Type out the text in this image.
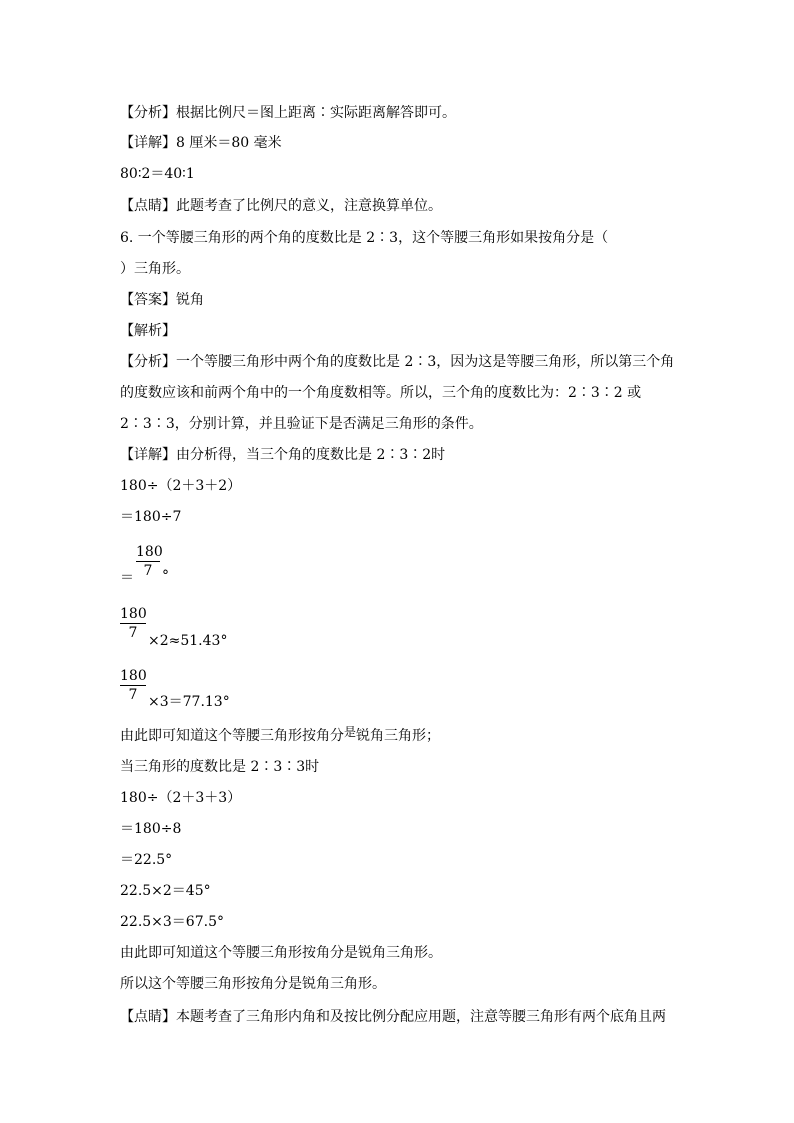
【分析】根据比例尺＝图上距离∶实际距离解答即可。
【详解】8 厘米＝80 毫米
80∶2＝40∶1
【点睛】此题考查了比例尺的意义，注意换算单位。
6. 一个等腰三角形的两个角的度数比是 2∶3，这个等腰三角形如果按角分是（
）三角形。
【答案】锐角
【解析】
【分析】一个等腰三角形中两个角的度数比是 2∶3，因为这是等腰三角形，所以第三个角
的度数应该和前两个角中的一个角度数相等。所以，三个角的度数比为：2∶3∶2 或
2∶3∶3，分别计算，并且验证下是否满足三角形的条件。
【详解】由分析得，当三个角的度数比是 2∶3∶2时
180÷（2＋3＋2）
＝180÷7
＝
180
7 °
180
7 ×2≈51.43°
180
7 ×3＝77.13°
由此即可知道这个等腰三角形按角分是锐角三角形；
当三角形的度数比是 2∶3∶3时
180÷（2＋3＋3）
＝180÷8
＝22.5°
22.5×2＝45°
22.5×3＝67.5°
由此即可知道这个等腰三角形按角分是锐角三角形。
所以这个等腰三角形按角分是锐角三角形。
【点睛】本题考查了三角形内角和及按比例分配应用题，注意等腰三角形有两个底角且两
